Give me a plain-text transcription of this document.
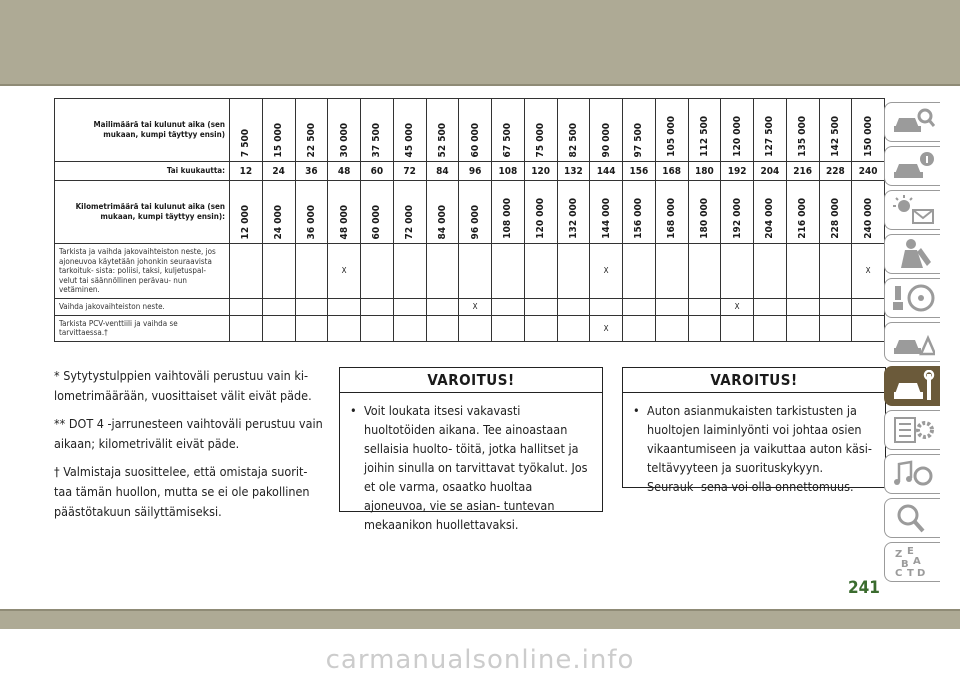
Mailimäärä tai kulunut aika (sen mukaan, kumpi täyttyy ensin)	7 500	15 000	22 500	30 000	37 500	45 000	52 500	60 000	67 500	75 000	82 500	90 000	97 500	105 000	112 500	120 000	127 500	135 000	142 500	150 000

Tai kuukautta:	12	24	36	48	60	72	84	96	108	120	132	144	156	168	180	192	204	216	228	240
Kilometrimäärä tai kulunut aika (sen mukaan, kumpi täyttyy ensin):	12 000	24 000	36 000	48 000	60 000	72 000	84 000	96 000	108 000	120 000	132 000	144 000	156 000	168 000	180 000	192 000	204 000	216 000	228 000	240 000

Tarkista ja vaihda jakovaihteiston neste, jos ajoneuvoa käytetään johonkin seuraavista tarkoituk- sista: poliisi, taksi, kuljetuspal- velut tai säännöllinen perävau- nun vetäminen.				X								X								X
Vaihda jakovaihteiston neste.								X								X				
Tarkista PCV-venttiili ja vaihda se tarvittaessa.†												X								

* Sytytystulppien vaihtoväli perustuu vain ki- lometrimäärään, vuosittaiset välit eivät päde.

** DOT 4 -jarrunesteen vaihtoväli perustuu vain aikaan; kilometrivälit eivät päde.

† Valmistaja suosittelee, että omistaja suorit- taa tämän huollon, mutta se ei ole pakollinen päästötakuun säilyttämiseksi.

VAROITUS!
• Voit loukata itsesi vakavasti huoltotöiden aikana. Tee ainoastaan sellaisia huolto- töitä, jotka hallitset ja joihin sinulla on tarvittavat työkalut. Jos et ole varma, osaatko huoltaa ajoneuvoa, vie se asian- tuntevan mekaanikon huollettavaksi.
VAROITUS!
• Auton asianmukaisten tarkistusten ja huoltojen laiminlyönti voi johtaa osien vikaantumiseen ja vaikuttaa auton käsi- teltävyyteen ja suorituskykyyn. Seurauk- sena voi olla onnettomuus.
Z E
B A
C T D
241
carmanualsonline.info
